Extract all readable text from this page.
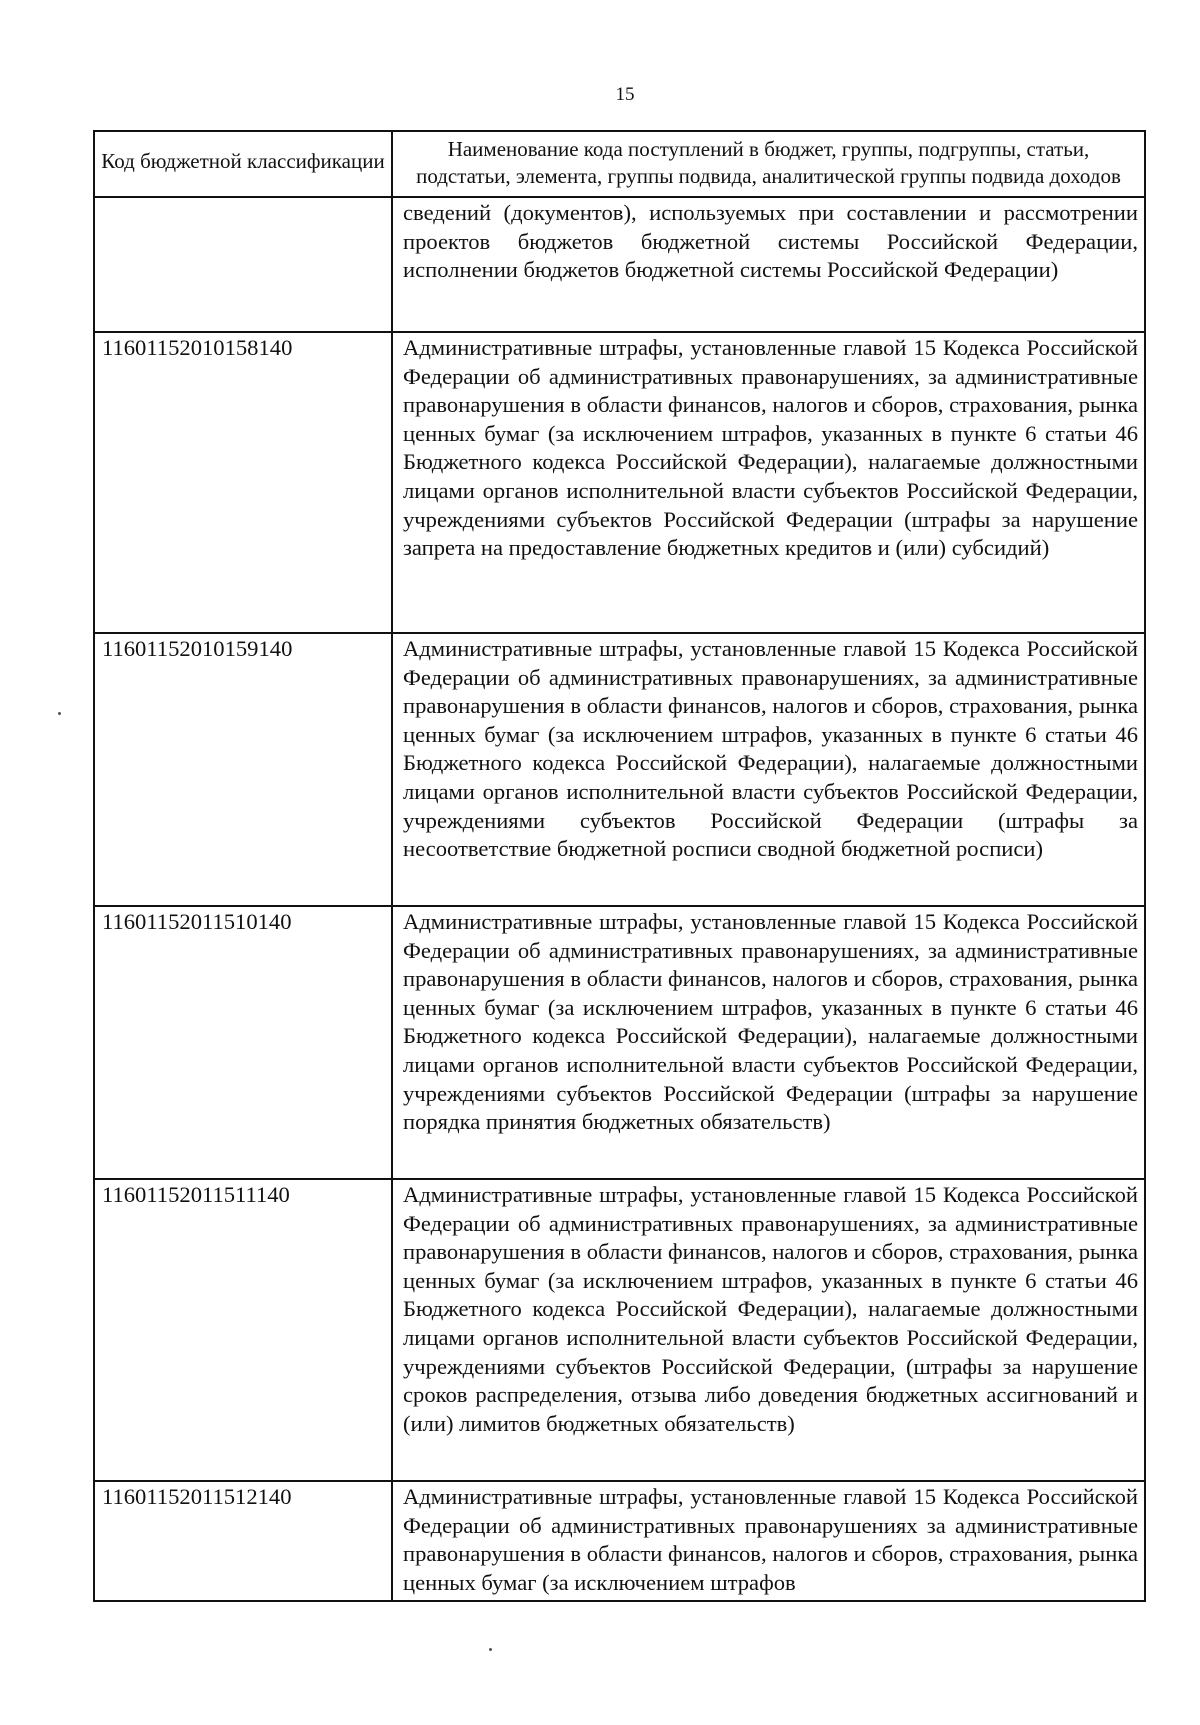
15
Код бюджетной классификации	Наименование кода поступлений в бюджет, группы, подгруппы, статьи, подстатьи, элемента, группы подвида, аналитической группы подвида доходов
	сведений (документов), используемых при составлении и рассмотрении проектов бюджетов бюджетной системы Российской Федерации, исполнении бюджетов бюджетной системы Российской Федерации)
11601152010158140	Административные штрафы, установленные главой 15 Кодекса Российской Федерации об административных правонарушениях, за административные правонарушения в области финансов, налогов и сборов, страхования, рынка ценных бумаг (за исключением штрафов, указанных в пункте 6 статьи 46 Бюджетного кодекса Российской Федерации), налагаемые должностными лицами органов исполнительной власти субъектов Российской Федерации, учреждениями субъектов Российской Федерации (штрафы за нарушение запрета на предоставление бюджетных кредитов и (или) субсидий)
11601152010159140	Административные штрафы, установленные главой 15 Кодекса Российской Федерации об административных правонарушениях, за административные правонарушения в области финансов, налогов и сборов, страхования, рынка ценных бумаг (за исключением штрафов, указанных в пункте 6 статьи 46 Бюджетного кодекса Российской Федерации), налагаемые должностными лицами органов исполнительной власти субъектов Российской Федерации, учреждениями субъектов Российской Федерации (штрафы за несоответствие бюджетной росписи сводной бюджетной росписи)
11601152011510140	Административные штрафы, установленные главой 15 Кодекса Российской Федерации об административных правонарушениях, за административные правонарушения в области финансов, налогов и сборов, страхования, рынка ценных бумаг (за исключением штрафов, указанных в пункте 6 статьи 46 Бюджетного кодекса Российской Федерации), налагаемые должностными лицами органов исполнительной власти субъектов Российской Федерации, учреждениями субъектов Российской Федерации (штрафы за нарушение порядка принятия бюджетных обязательств)
11601152011511140	Административные штрафы, установленные главой 15 Кодекса Российской Федерации об административных правонарушениях, за административные правонарушения в области финансов, налогов и сборов, страхования, рынка ценных бумаг (за исключением штрафов, указанных в пункте 6 статьи 46 Бюджетного кодекса Российской Федерации), налагаемые должностными лицами органов исполнительной власти субъектов Российской Федерации, учреждениями субъектов Российской Федерации, (штрафы за нарушение сроков распределения, отзыва либо доведения бюджетных ассигнований и (или) лимитов бюджетных обязательств)
11601152011512140	Административные штрафы, установленные главой 15 Кодекса Российской Федерации об административных правонарушениях за административные правонарушения в области финансов, налогов и сборов, страхования, рынка ценных бумаг (за исключением штрафов
